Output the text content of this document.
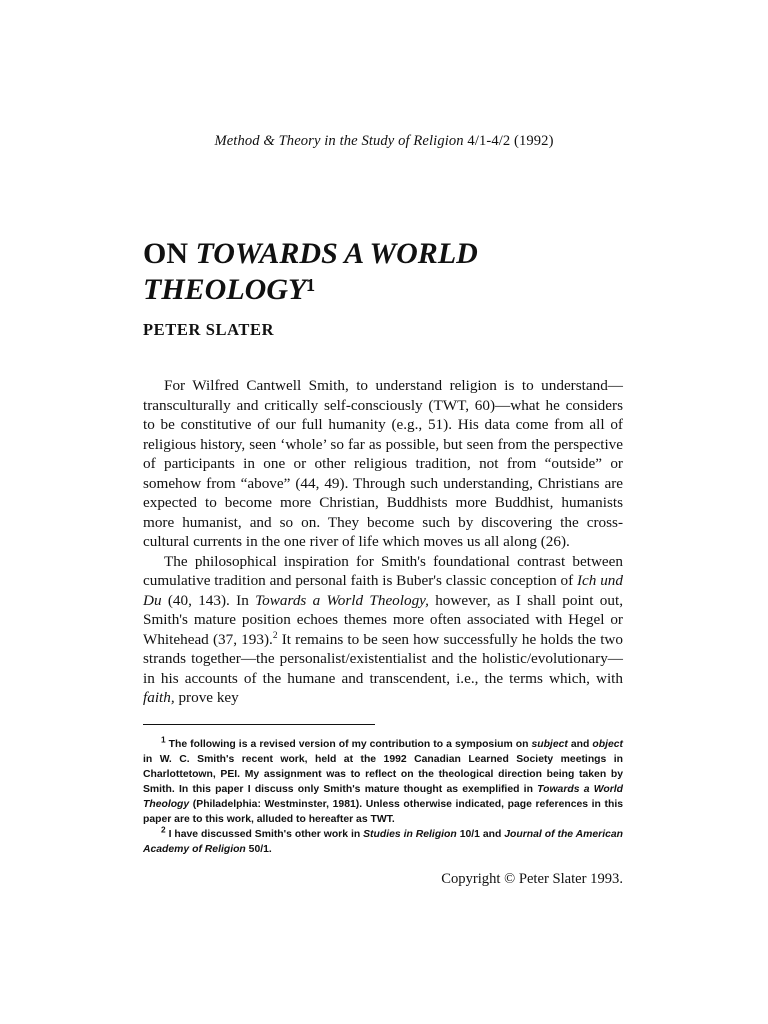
Method & Theory in the Study of Religion 4/1-4/2 (1992)
ON TOWARDS A WORLD
THEOLOGY¹
PETER SLATER

For Wilfred Cantwell Smith, to understand religion is to understand—transculturally and critically self-consciously (TWT, 60)—what he considers to be constitutive of our full humanity (e.g., 51). His data come from all of religious history, seen ‘whole’ so far as possible, but seen from the perspective of participants in one or other religious tradition, not from “outside” or somehow from “above” (44, 49). Through such understanding, Christians are expected to become more Christian, Buddhists more Buddhist, humanists more humanist, and so on. They become such by discovering the cross-cultural currents in the one river of life which moves us all along (26).

The philosophical inspiration for Smith's foundational contrast between cumulative tradition and personal faith is Buber's classic conception of Ich und Du (40, 143). In Towards a World Theology, however, as I shall point out, Smith's mature position echoes themes more often associated with Hegel or Whitehead (37, 193).$^2$ It remains to be seen how successfully he holds the two strands together—the personalist/existentialist and the holistic/evolutionary—in his accounts of the humane and transcendent, i.e., the terms which, with faith, prove key

$^1$ The following is a revised version of my contribution to a symposium on subject and object in W. C. Smith's recent work, held at the 1992 Canadian Learned Society meetings in Charlottetown, PEI. My assignment was to reflect on the theological direction being taken by Smith. In this paper I discuss only Smith's mature thought as exemplified in Towards a World Theology (Philadelphia: Westminster, 1981). Unless otherwise indicated, page references in this paper are to this work, alluded to hereafter as TWT.

$^2$ I have discussed Smith's other work in Studies in Religion 10/1 and Journal of the American Academy of Religion 50/1.

Copyright © Peter Slater 1993.
